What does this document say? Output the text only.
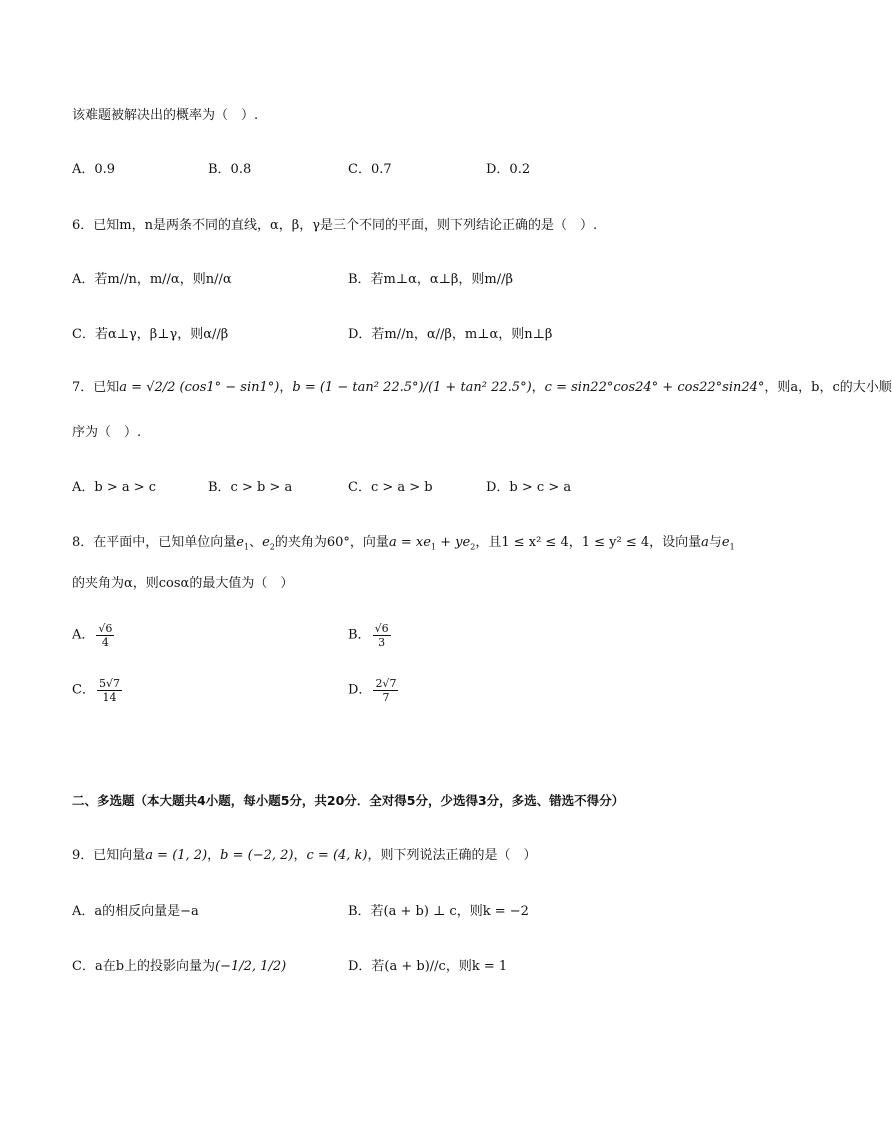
该难题被解决出的概率为（　）.
A．0.9	B．0.8	C．0.7	D．0.2
6．已知m，n是两条不同的直线，α，β，γ是三个不同的平面，则下列结论正确的是（　）.
A．若m//n，m//α，则n//α	B．若m⊥α，α⊥β，则m//β
C．若α⊥γ，β⊥γ，则α//β	D．若m//n，α//β，m⊥α，则n⊥β
7．已知a = √2/2 (cos1° − sin1°)，b = (1 − tan² 22.5°)/(1 + tan² 22.5°)，c = sin22°cos24° + cos22°sin24°，则a，b，c的大小顺
序为（　）.
A．b > a > c	B．c > b > a	C．c > a > b	D．b > c > a
8．在平面中，已知单位向量$e_1$、$e_2$的夹角为60°，向量$a = xe_1 + ye_2$，且1 ≤ x² ≤ 4，1 ≤ y² ≤ 4，设向量a与$e_1$
的夹角为α，则cosα的最大值为（　）
A． $\frac{√6}{4}$	B． $\frac{√6}{3}$
C． $\frac{5√7}{14}$	D． $\frac{2√7}{7}$
二、多选题（本大题共4小题，每小题5分，共20分．全对得5分，少选得3分，多选、错选不得分）
9．已知向量a = (1, 2)，b = (−2, 2)，c = (4, k)，则下列说法正确的是（　）
A．a的相反向量是−a	B．若(a + b) ⊥ c，则k = −2
C．a在b上的投影向量为(−1/2, 1/2)	D．若(a + b)//c，则k = 1
